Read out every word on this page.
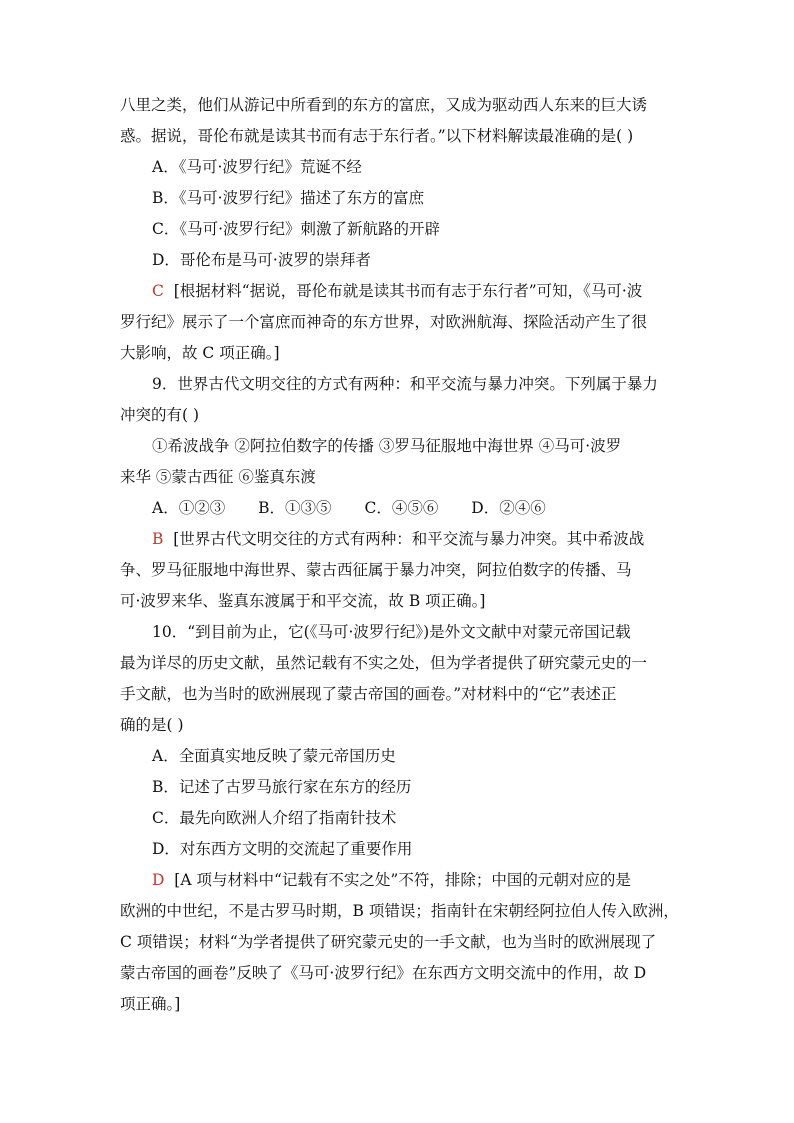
八里之类，他们从游记中所看到的东方的富庶，又成为驱动西人东来的巨大诱
惑。据说，哥伦布就是读其书而有志于东行者。”以下材料解读最准确的是( )
A．《马可·波罗行纪》荒诞不经
B．《马可·波罗行纪》描述了东方的富庶
C．《马可·波罗行纪》刺激了新航路的开辟
D．哥伦布是马可·波罗的崇拜者
C [根据材料“据说，哥伦布就是读其书而有志于东行者”可知，《马可·波
罗行纪》展示了一个富庶而神奇的东方世界，对欧洲航海、探险活动产生了很
大影响，故 C 项正确。]
9．世界古代文明交往的方式有两种：和平交流与暴力冲突。下列属于暴力
冲突的有( )
①希波战争 ②阿拉伯数字的传播 ③罗马征服地中海世界 ④马可·波罗
来华 ⑤蒙古西征 ⑥鉴真东渡
A．①②③ B．①③⑤ C．④⑤⑥ D．②④⑥
B [世界古代文明交往的方式有两种：和平交流与暴力冲突。其中希波战
争、罗马征服地中海世界、蒙古西征属于暴力冲突，阿拉伯数字的传播、马
可·波罗来华、鉴真东渡属于和平交流，故 B 项正确。]
10．“到目前为止，它(《马可·波罗行纪》)是外文文献中对蒙元帝国记载
最为详尽的历史文献，虽然记载有不实之处，但为学者提供了研究蒙元史的一
手文献，也为当时的欧洲展现了蒙古帝国的画卷。”对材料中的“它”表述正
确的是( )
A．全面真实地反映了蒙元帝国历史
B．记述了古罗马旅行家在东方的经历
C．最先向欧洲人介绍了指南针技术
D．对东西方文明的交流起了重要作用
D [A 项与材料中“记载有不实之处”不符，排除；中国的元朝对应的是
欧洲的中世纪，不是古罗马时期，B 项错误；指南针在宋朝经阿拉伯人传入欧洲，
C 项错误；材料“为学者提供了研究蒙元史的一手文献，也为当时的欧洲展现了
蒙古帝国的画卷”反映了《马可·波罗行纪》在东西方文明交流中的作用，故 D
项正确。]
